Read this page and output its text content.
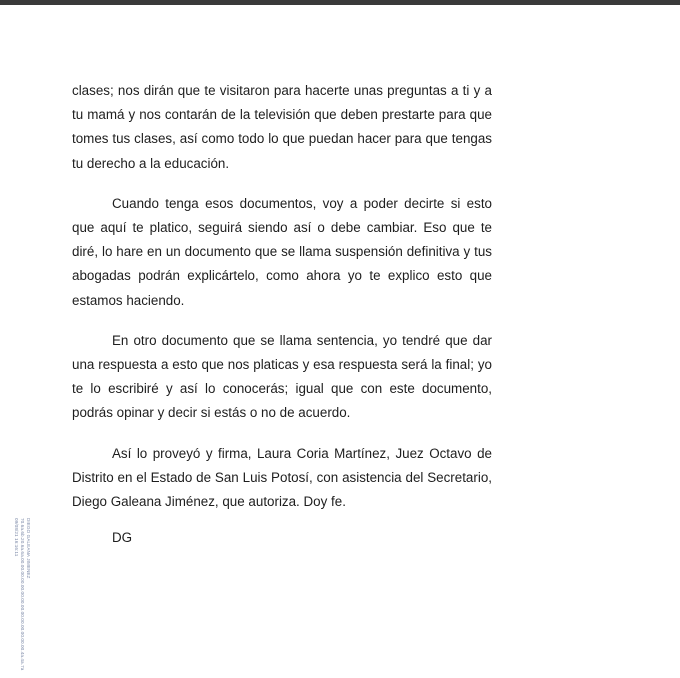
clases; nos dirán que te visitaron para hacerte unas preguntas a ti y a tu mamá y nos contarán de la televisión que deben prestarte para que tomes tus clases, así como todo lo que puedan hacer para que tengas tu derecho a la educación.

Cuando tenga esos documentos, voy a poder decirte si esto que aquí te platico, seguirá siendo así o debe cambiar. Eso que te diré, lo hare en un documento que se llama suspensión definitiva y tus abogadas podrán explicártelo, como ahora yo te explico esto que estamos haciendo.

En otro documento que se llama sentencia, yo tendré que dar una respuesta a esto que nos platicas y esa respuesta será la final; yo te lo escribiré y así lo conocerás; igual que con este documento, podrás opinar y decir si estás o no de acuerdo.

Así lo proveyó y firma, Laura Coria Martínez, Juez Octavo de Distrito en el Estado de San Luis Potosí, con asistencia del Secretario, Diego Galeana Jiménez, que autoriza. Doy fe.

DG
DIEGO GALEANA JIMENEZ
70.6a.6b.20.6a.6a.00.00.00.00.00.00.00.00.00.00.00.00.00.00.4a.4a.7a
09/08/21 16:16:11
